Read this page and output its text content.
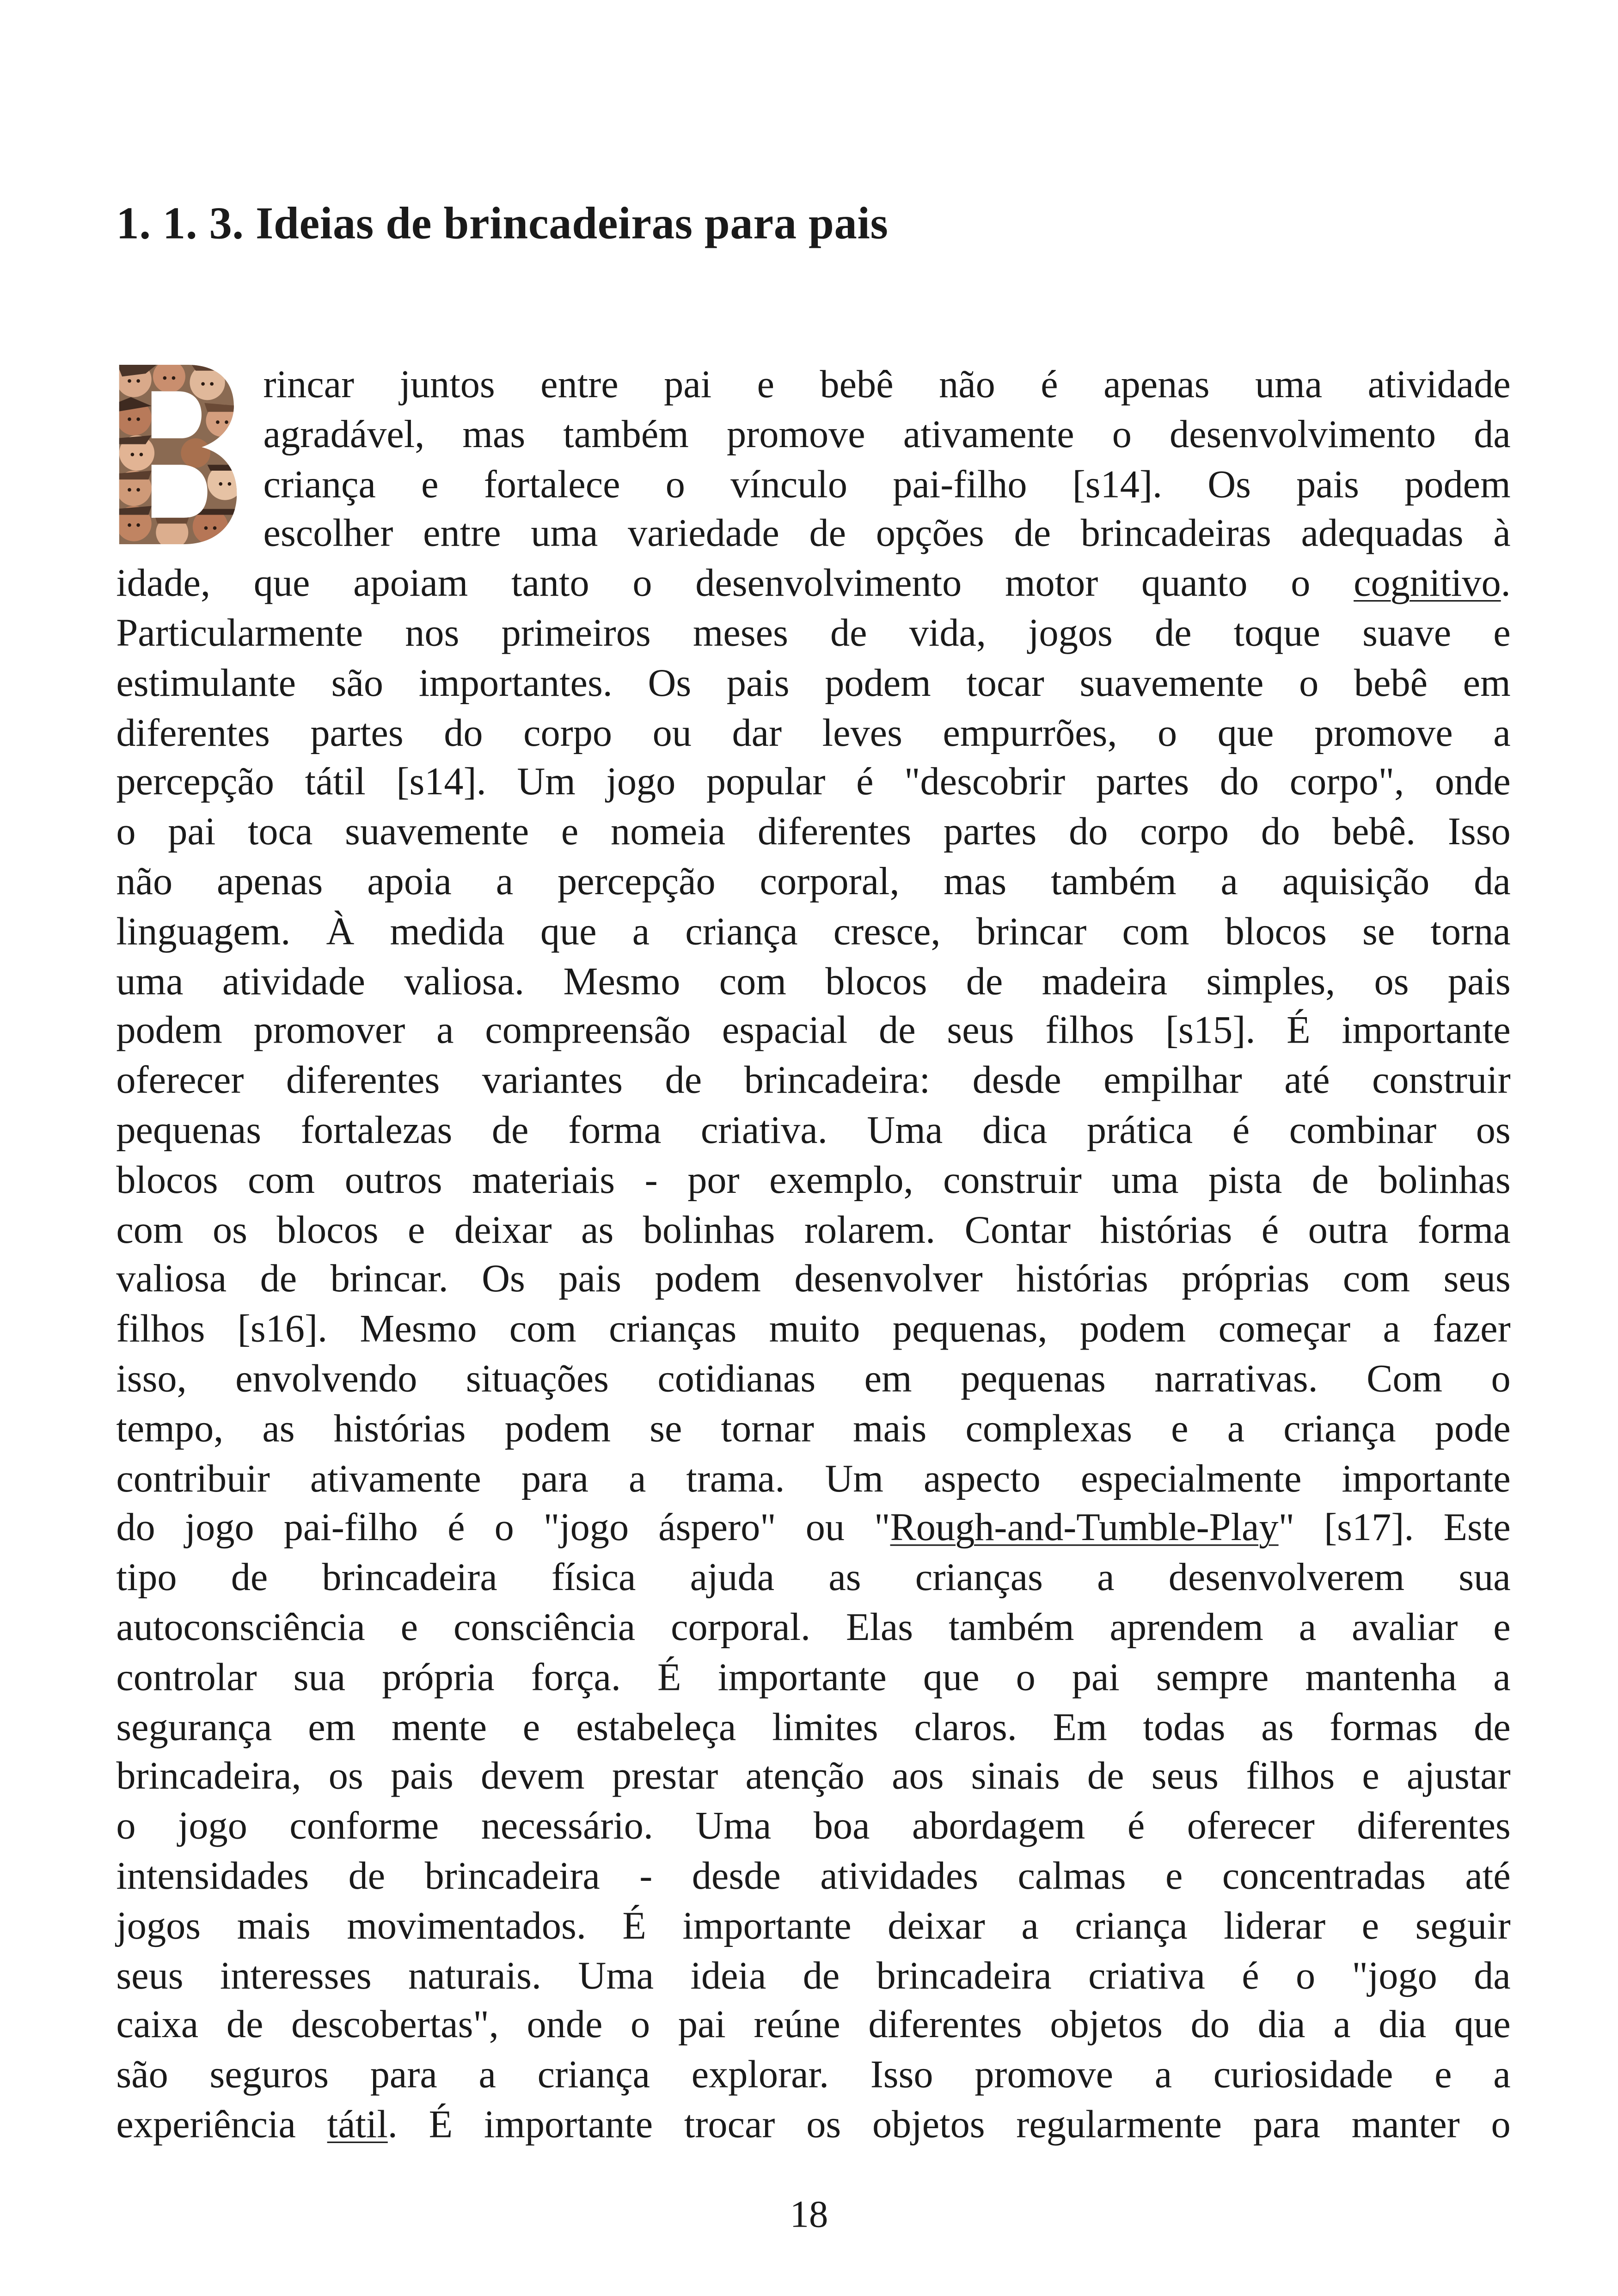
1. 1. 3. Ideias de brincadeiras para pais
rincar juntos entre pai e bebê não é apenas uma atividade
agradável, mas também promove ativamente o desenvolvimento da
criança e fortalece o vínculo pai-filho [s14]. Os pais podem
escolher entre uma variedade de opções de brincadeiras adequadas à
idade, que apoiam tanto o desenvolvimento motor quanto o cognitivo.
Particularmente nos primeiros meses de vida, jogos de toque suave e
estimulante são importantes. Os pais podem tocar suavemente o bebê em
diferentes partes do corpo ou dar leves empurrões, o que promove a
percepção tátil [s14]. Um jogo popular é "descobrir partes do corpo", onde
o pai toca suavemente e nomeia diferentes partes do corpo do bebê. Isso
não apenas apoia a percepção corporal, mas também a aquisição da
linguagem. À medida que a criança cresce, brincar com blocos se torna
uma atividade valiosa. Mesmo com blocos de madeira simples, os pais
podem promover a compreensão espacial de seus filhos [s15]. É importante
oferecer diferentes variantes de brincadeira: desde empilhar até construir
pequenas fortalezas de forma criativa. Uma dica prática é combinar os
blocos com outros materiais - por exemplo, construir uma pista de bolinhas
com os blocos e deixar as bolinhas rolarem. Contar histórias é outra forma
valiosa de brincar. Os pais podem desenvolver histórias próprias com seus
filhos [s16]. Mesmo com crianças muito pequenas, podem começar a fazer
isso, envolvendo situações cotidianas em pequenas narrativas. Com o
tempo, as histórias podem se tornar mais complexas e a criança pode
contribuir ativamente para a trama. Um aspecto especialmente importante
do jogo pai-filho é o "jogo áspero" ou "Rough-and-Tumble-Play" [s17]. Este
tipo de brincadeira física ajuda as crianças a desenvolverem sua
autoconsciência e consciência corporal. Elas também aprendem a avaliar e
controlar sua própria força. É importante que o pai sempre mantenha a
segurança em mente e estabeleça limites claros. Em todas as formas de
brincadeira, os pais devem prestar atenção aos sinais de seus filhos e ajustar
o jogo conforme necessário. Uma boa abordagem é oferecer diferentes
intensidades de brincadeira - desde atividades calmas e concentradas até
jogos mais movimentados. É importante deixar a criança liderar e seguir
seus interesses naturais. Uma ideia de brincadeira criativa é o "jogo da
caixa de descobertas", onde o pai reúne diferentes objetos do dia a dia que
são seguros para a criança explorar. Isso promove a curiosidade e a
experiência tátil. É importante trocar os objetos regularmente para manter o
18
